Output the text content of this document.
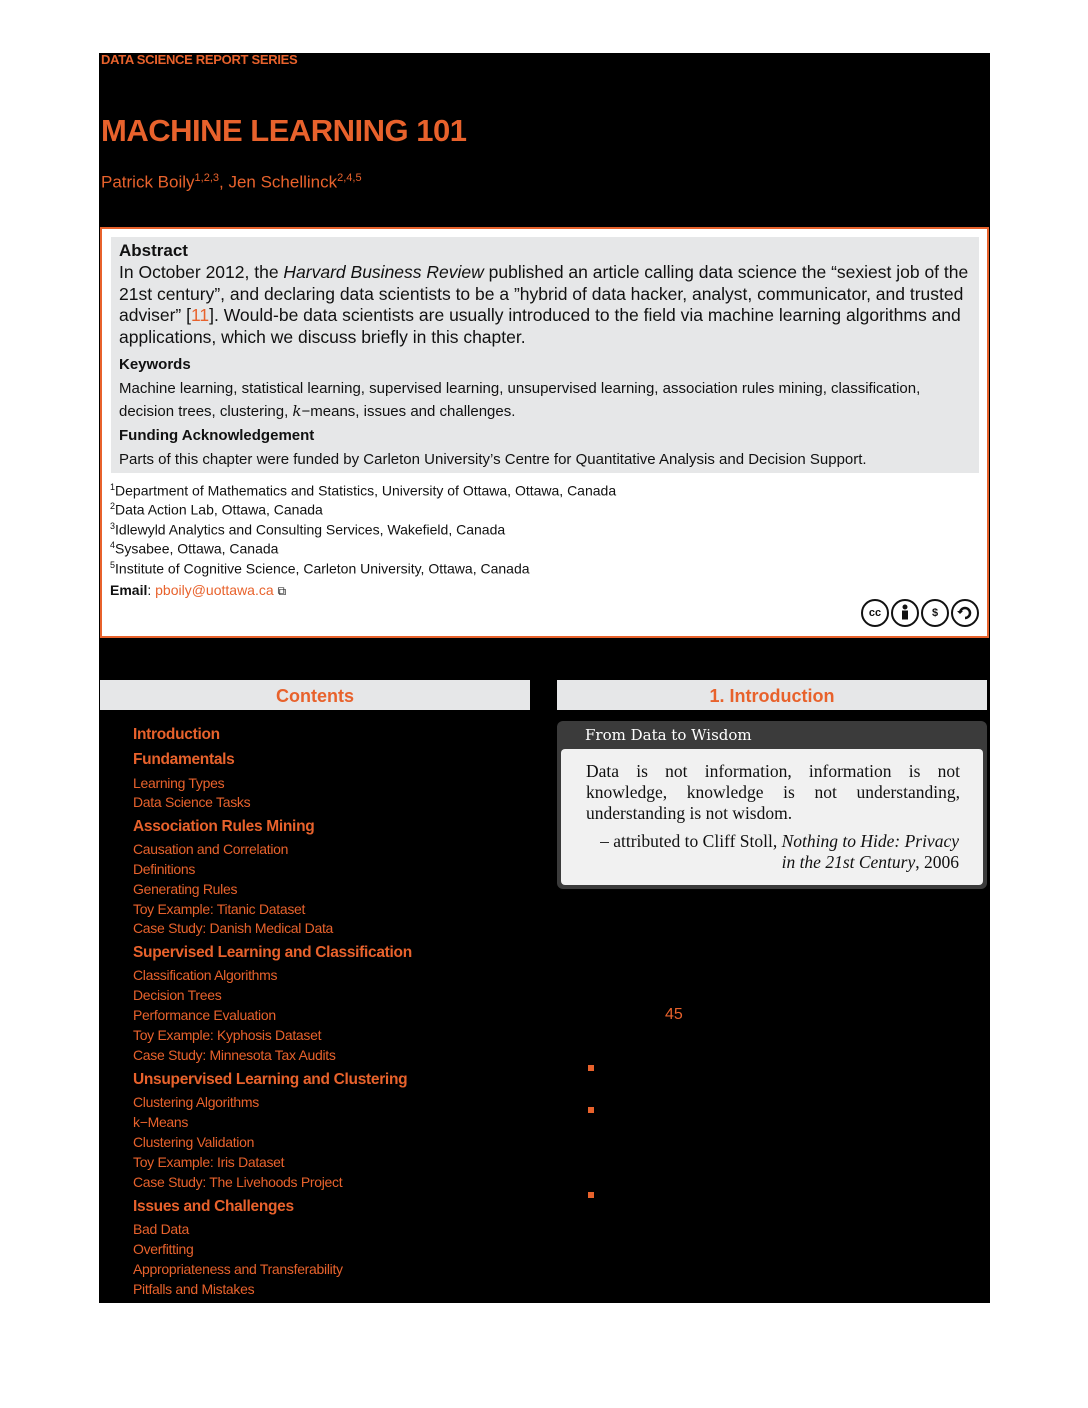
DATA SCIENCE REPORT SERIES
MACHINE LEARNING 101
Patrick Boily$^{1,2,3}$, Jen Schellinck$^{2,4,5}$
Abstract
In October 2012, the Harvard Business Review published an article calling data science the “sexiest job of the 21st century”, and declaring data scientists to be a ”hybrid of data hacker, analyst, communicator, and trusted adviser” [11]. Would-be data scientists are usually introduced to the field via machine learning algorithms and applications, which we discuss briefly in this chapter.
Keywords
Machine learning, statistical learning, supervised learning, unsupervised learning, association rules mining, classification, decision trees, clustering, k−means, issues and challenges.
Funding Acknowledgement
Parts of this chapter were funded by Carleton University’s Centre for Quantitative Analysis and Decision Support.
$^1$Department of Mathematics and Statistics, University of Ottawa, Ottawa, Canada
$^2$Data Action Lab, Ottawa, Canada
$^3$Idlewyld Analytics and Consulting Services, Wakefield, Canada
$^4$Sysabee, Ottawa, Canada
$^5$Institute of Cognitive Science, Carleton University, Ottawa, Canada
Email: pboily@uottawa.ca ⧉
cc	$
Contents	1. Introduction
Introduction
Fundamentals
Learning Types
Data Science Tasks
Association Rules Mining
Causation and Correlation
Definitions
Generating Rules
Toy Example: Titanic Dataset
Case Study: Danish Medical Data
Supervised Learning and Classification
Classification Algorithms
Decision Trees
Performance Evaluation
Toy Example: Kyphosis Dataset
Case Study: Minnesota Tax Audits
Unsupervised Learning and Clustering
Clustering Algorithms
k−Means
Clustering Validation
Toy Example: Iris Dataset
Case Study: The Livehoods Project
Issues and Challenges
Bad Data
Overfitting
Appropriateness and Transferability
Pitfalls and Mistakes
From Data to Wisdom
Data is not information, information is not knowledge, knowledge is not understanding, understanding is not wisdom.
– attributed to Cliff Stoll, Nothing to Hide: Privacy in the 21st Century, 2006
45
